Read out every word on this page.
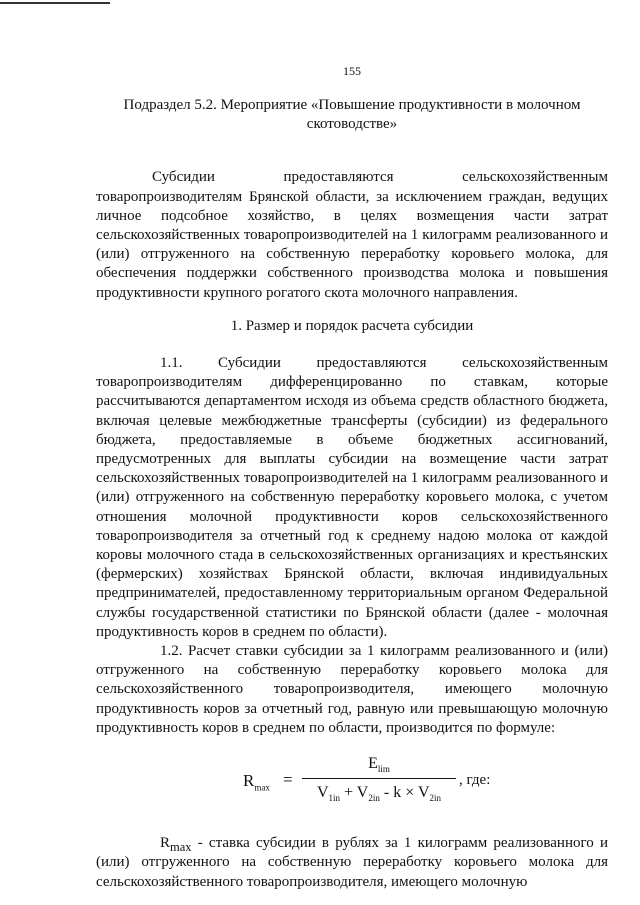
155
Подраздел 5.2. Мероприятие «Повышение продуктивности в молочном скотоводстве»

Субсидии предоставляются сельскохозяйственным товаропроизводителям Брянской области, за исключением граждан, ведущих личное подсобное хозяйство, в целях возмещения части затрат сельскохозяйственных товаропроизводителей на 1 килограмм реализованного и (или) отгруженного на собственную переработку коровьего молока, для обеспечения поддержки собственного производства молока и повышения продуктивности крупного рогатого скота молочного направления.

1. Размер и порядок расчета субсидии

1.1. Субсидии предоставляются сельскохозяйственным товаропроизводителям дифференцированно по ставкам, которые рассчитываются департаментом исходя из объема средств областного бюджета, включая целевые межбюджетные трансферты (субсидии) из федерального бюджета, предоставляемые в объеме бюджетных ассигнований, предусмотренных для выплаты субсидии на возмещение части затрат сельскохозяйственных товаропроизводителей на 1 килограмм реализованного и (или) отгруженного на собственную переработку коровьего молока, с учетом отношения молочной продуктивности коров сельскохозяйственного товаропроизводителя за отчетный год к среднему надою молока от каждой коровы молочного стада в сельскохозяйственных организациях и крестьянских (фермерских) хозяйствах Брянской области, включая индивидуальных предпринимателей, предоставленному территориальным органом Федеральной службы государственной статистики по Брянской области (далее - молочная продуктивность коров в среднем по области).

1.2. Расчет ставки субсидии за 1 килограмм реализованного и (или) отгруженного на собственную переработку коровьего молока для сельскохозяйственного товаропроизводителя, имеющего молочную продуктивность коров за отчетный год, равную или превышающую молочную продуктивность коров в среднем по области, производится по формуле:

$R_{max}$ =
$E_{lim}$
$V_{1in} + V_{2in} - k \times V_{2in}$
, где:

$R_{max}$ - ставка субсидии в рублях за 1 килограмм реализованного и (или) отгруженного на собственную переработку коровьего молока для сельскохозяйственного товаропроизводителя, имеющего молочную
